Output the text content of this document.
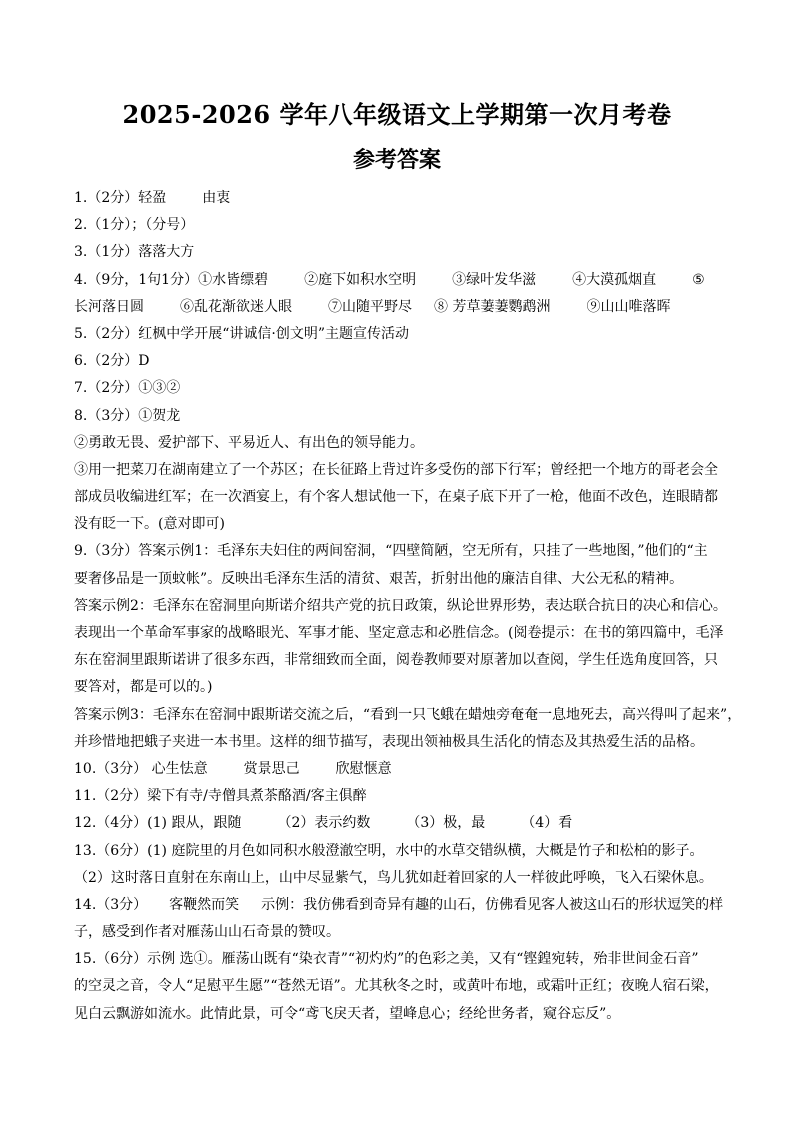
2025-2026 学年八年级语文上学期第一次月考卷
参考答案
1.（2分）轻盈	由衷
2.（1分）；（分号）
3.（1分）落落大方
4.（9分，1句1分）①水皆缥碧	②庭下如积水空明	③绿叶发华滋	④大漠孤烟直	⑤
长河落日圆	⑥乱花渐欲迷人眼	⑦山随平野尽 ⑧ 芳草萋萋鹦鹉洲	⑨山山唯落晖
5.（2分）红枫中学开展“讲诚信·创文明”主题宣传活动
6.（2分）D
7.（2分）①③②
8.（3分）①贺龙
②勇敢无畏、爱护部下、平易近人、有出色的领导能力。
③用一把菜刀在湖南建立了一个苏区；在长征路上背过许多受伤的部下行军；曾经把一个地方的哥老会全
部成员收编进红军；在一次酒宴上，有个客人想试他一下，在桌子底下开了一枪，他面不改色，连眼睛都
没有眨一下。(意对即可)
9.（3分）答案示例1：毛泽东夫妇住的两间窑洞，“四壁简陋，空无所有，只挂了一些地图，”他们的“主
要奢侈品是一顶蚊帐”。反映出毛泽东生活的清贫、艰苦，折射出他的廉洁自律、大公无私的精神。
答案示例2：毛泽东在窑洞里向斯诺介绍共产党的抗日政策，纵论世界形势，表达联合抗日的决心和信心。
表现出一个革命军事家的战略眼光、军事才能、坚定意志和必胜信念。(阅卷提示：在书的第四篇中，毛泽
东在窑洞里跟斯诺讲了很多东西，非常细致而全面，阅卷教师要对原著加以查阅，学生任选角度回答，只
要答对，都是可以的。)
答案示例3：毛泽东在窑洞中跟斯诺交流之后，“看到一只飞蛾在蜡烛旁奄奄一息地死去，高兴得叫了起来”，
并珍惜地把蛾子夹进一本书里。这样的细节描写，表现出领袖极具生活化的情态及其热爱生活的品格。
10.（3分） 心生怯意	赏景思己	欣慰惬意
11.（2分）梁下有寺/寺僧具煮茶酪酒/客主俱醉
12.（4分）(1) 跟从，跟随	（2）表示约数	（3）极，最	（4）看
13.（6分）(1) 庭院里的月色如同积水般澄澈空明，水中的水草交错纵横，大概是竹子和松柏的影子。
（2）这时落日直射在东南山上，山中尽显紫气，鸟儿犹如赶着回家的人一样彼此呼唤，飞入石梁休息。
14.（3分） 客鞭然而笑 示例：我仿佛看到奇异有趣的山石，仿佛看见客人被这山石的形状逗笑的样
子，感受到作者对雁荡山山石奇景的赞叹。
15.（6分）示例 选①。雁荡山既有“染衣青”“初灼灼”的色彩之美，又有“铿鍠宛转，殆非世间金石音”
的空灵之音，令人“足慰平生愿”“苍然无语”。尤其秋冬之时，或黄叶布地，或霜叶正红；夜晚人宿石梁，
见白云飘游如流水。此情此景，可令“鸢飞戾天者，望峰息心；经纶世务者，窥谷忘反”。
